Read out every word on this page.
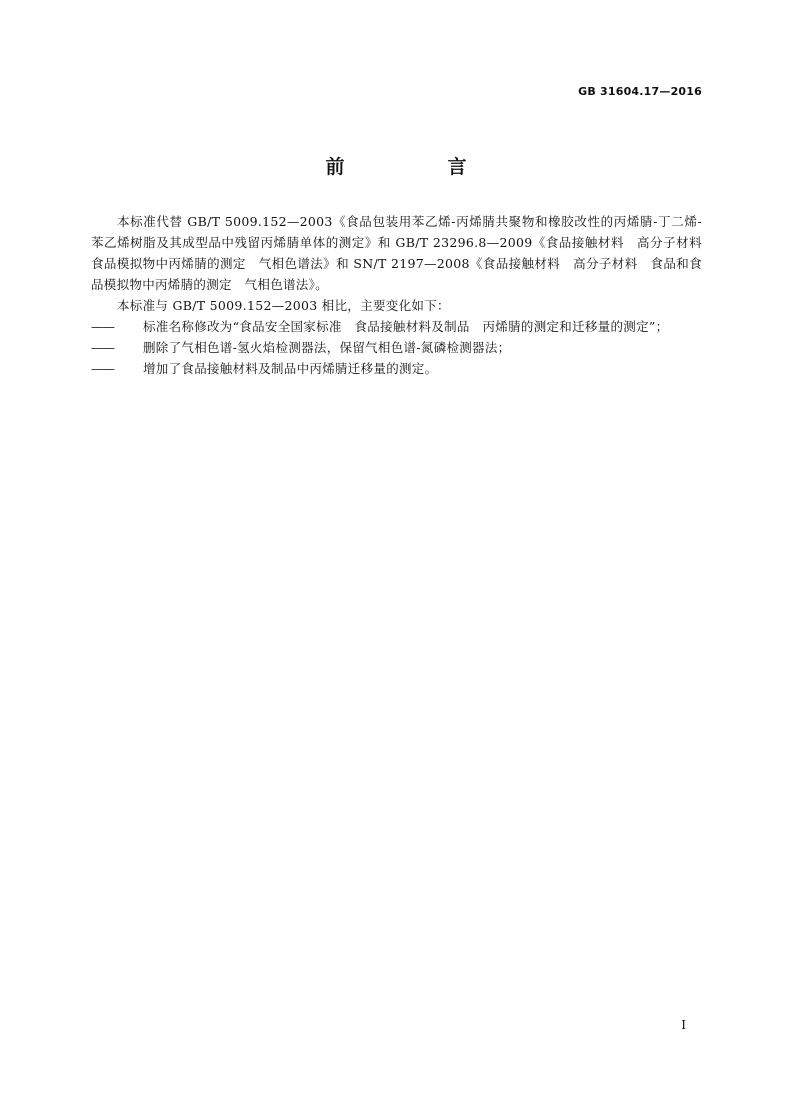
GB 31604.17—2016
前　言

本标准代替 GB/T 5009.152—2003《食品包装用苯乙烯-丙烯腈共聚物和橡胶改性的丙烯腈-丁二烯-苯乙烯树脂及其成型品中残留丙烯腈单体的测定》和 GB/T 23296.8—2009《食品接触材料　高分子材料　食品模拟物中丙烯腈的测定　气相色谱法》和 SN/T 2197—2008《食品接触材料　高分子材料　食品和食品模拟物中丙烯腈的测定　气相色谱法》。

本标准与 GB/T 5009.152—2003 相比，主要变化如下：

—— 标准名称修改为“食品安全国家标准　食品接触材料及制品　丙烯腈的测定和迁移量的测定”；
—— 删除了气相色谱-氢火焰检测器法，保留气相色谱-氮磷检测器法；
—— 增加了食品接触材料及制品中丙烯腈迁移量的测定。
I
